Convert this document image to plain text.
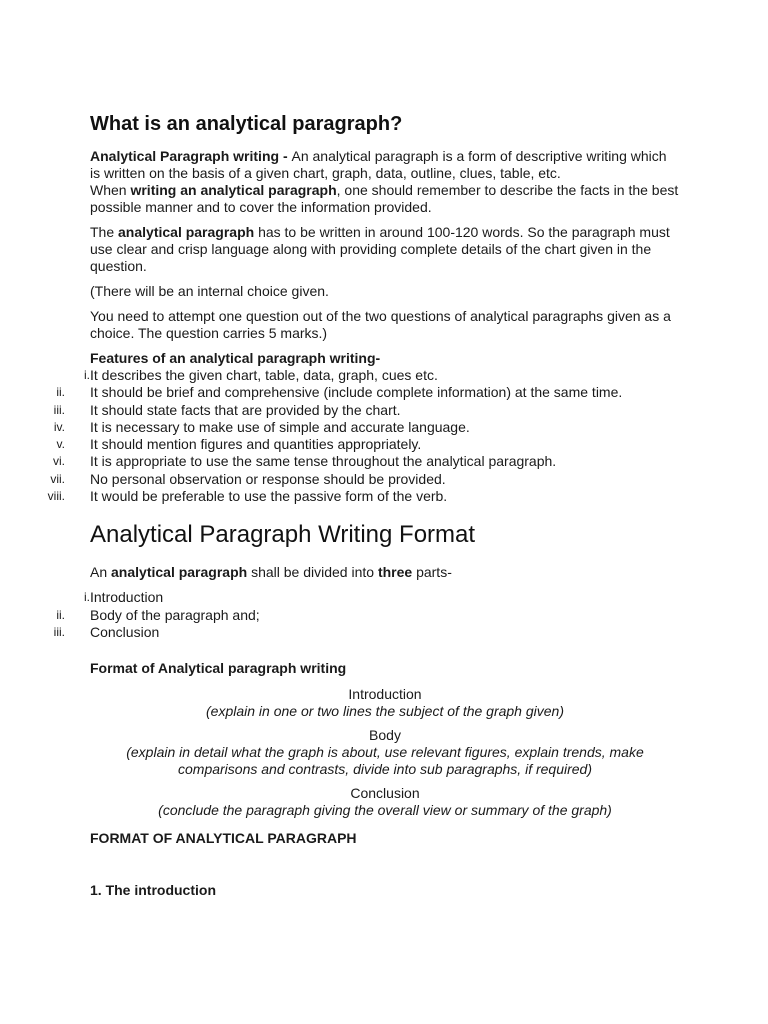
What is an analytical paragraph?

Analytical Paragraph writing - An analytical paragraph is a form of descriptive writing which is written on the basis of a given chart, graph, data, outline, clues, table, etc.
When writing an analytical paragraph, one should remember to describe the facts in the best possible manner and to cover the information provided.

The analytical paragraph has to be written in around 100-120 words. So the paragraph must use clear and crisp language along with providing complete details of the chart given in the question.

(There will be an internal choice given.

You need to attempt one question out of the two questions of analytical paragraphs given as a choice. The question carries 5 marks.)

Features of an analytical paragraph writing-

i. It describes the given chart, table, data, graph, cues etc.
ii. It should be brief and comprehensive (include complete information) at the same time.
iii. It should state facts that are provided by the chart.
iv. It is necessary to make use of simple and accurate language.
v. It should mention figures and quantities appropriately.
vi. It is appropriate to use the same tense throughout the analytical paragraph.
vii. No personal observation or response should be provided.
viii. It would be preferable to use the passive form of the verb.
Analytical Paragraph Writing Format

An analytical paragraph shall be divided into three parts-

i. Introduction
ii. Body of the paragraph and;
iii. Conclusion

Format of Analytical paragraph writing

Introduction
(explain in one or two lines the subject of the graph given)
Body
(explain in detail what the graph is about, use relevant figures, explain trends, make comparisons and contrasts, divide into sub paragraphs, if required)
Conclusion
(conclude the paragraph giving the overall view or summary of the graph)

FORMAT OF ANALYTICAL PARAGRAPH

1. The introduction
